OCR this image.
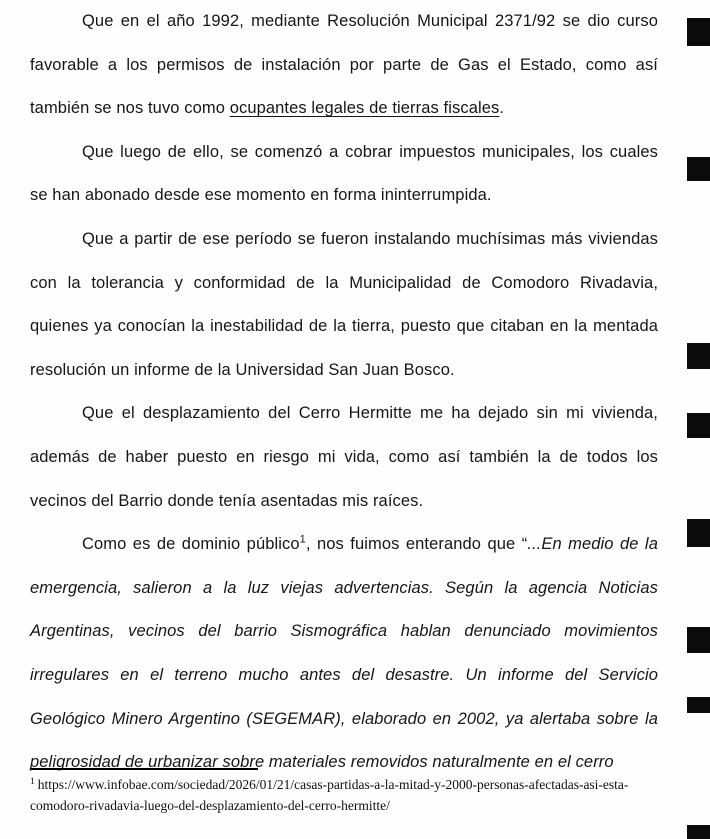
Que en el año 1992, mediante Resolución Municipal 2371/92 se dio curso favorable a los permisos de instalación por parte de Gas el Estado, como así también se nos tuvo como ocupantes legales de tierras fiscales.

Que luego de ello, se comenzó a cobrar impuestos municipales, los cuales se han abonado desde ese momento en forma ininterrumpida.

Que a partir de ese período se fueron instalando muchísimas más viviendas con la tolerancia y conformidad de la Municipalidad de Comodoro Rivadavia, quienes ya conocían la inestabilidad de la tierra, puesto que citaban en la mentada resolución un informe de la Universidad San Juan Bosco.

Que el desplazamiento del Cerro Hermitte me ha dejado sin mi vivienda, además de haber puesto en riesgo mi vida, como así también la de todos los vecinos del Barrio donde tenía asentadas mis raíces.

Como es de dominio público$^1$, nos fuimos enterando que “...En medio de la emergencia, salieron a la luz viejas advertencias. Según la agencia Noticias Argentinas, vecinos del barrio Sismográfica hablan denunciado movimientos irregulares en el terreno mucho antes del desastre. Un informe del Servicio Geológico Minero Argentino (SEGEMAR), elaborado en 2002, ya alertaba sobre la peligrosidad de urbanizar sobre materiales removidos naturalmente en el cerro

$^1$ https://www.infobae.com/sociedad/2026/01/21/casas-partidas-a-la-mitad-y-2000-personas-afectadas-asi-esta-comodoro-rivadavia-luego-del-desplazamiento-del-cerro-hermitte/
